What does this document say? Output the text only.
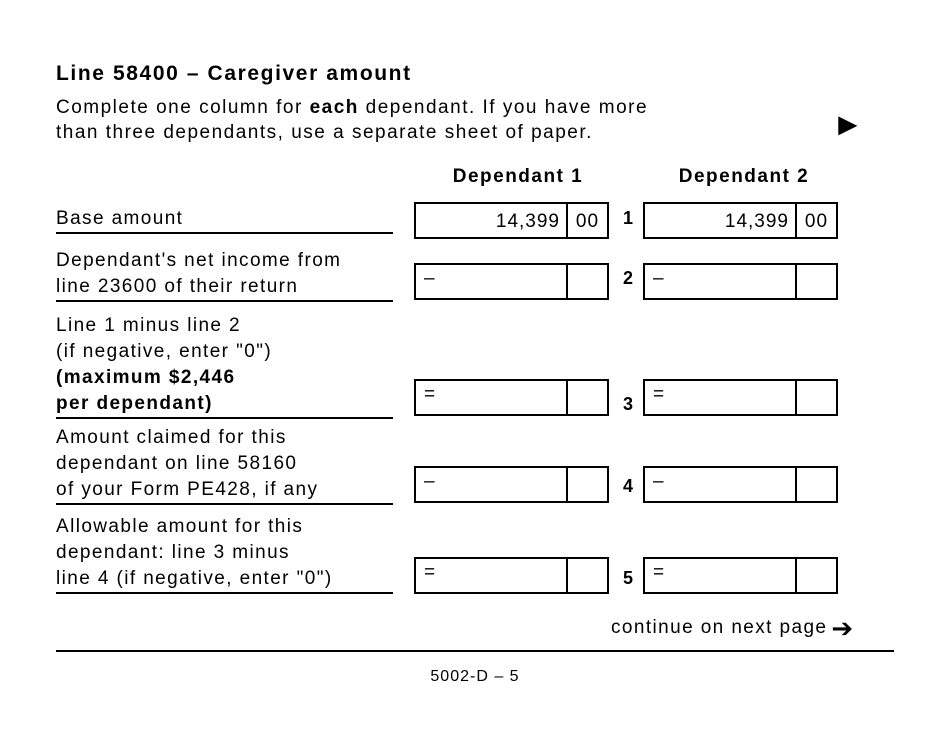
Line 58400 – Caregiver amount
Complete one column for each dependant. If you have more
than three dependants, use a separate sheet of paper.	►
Dependant 1	Dependant 2
Base amount	14,399 00	1	14,399 00
Dependant's net income from
line 23600 of their return	–	2 –
Line 1 minus line 2
(if negative, enter "0")
(maximum $2,446
per dependant)	=	3 =
Amount claimed for this
dependant on line 58160
of your Form PE428, if any	–	4 –
Allowable amount for this
dependant: line 3 minus
line 4 (if negative, enter "0")	=	5 =
continue on next page ➔
5002-D – 5
